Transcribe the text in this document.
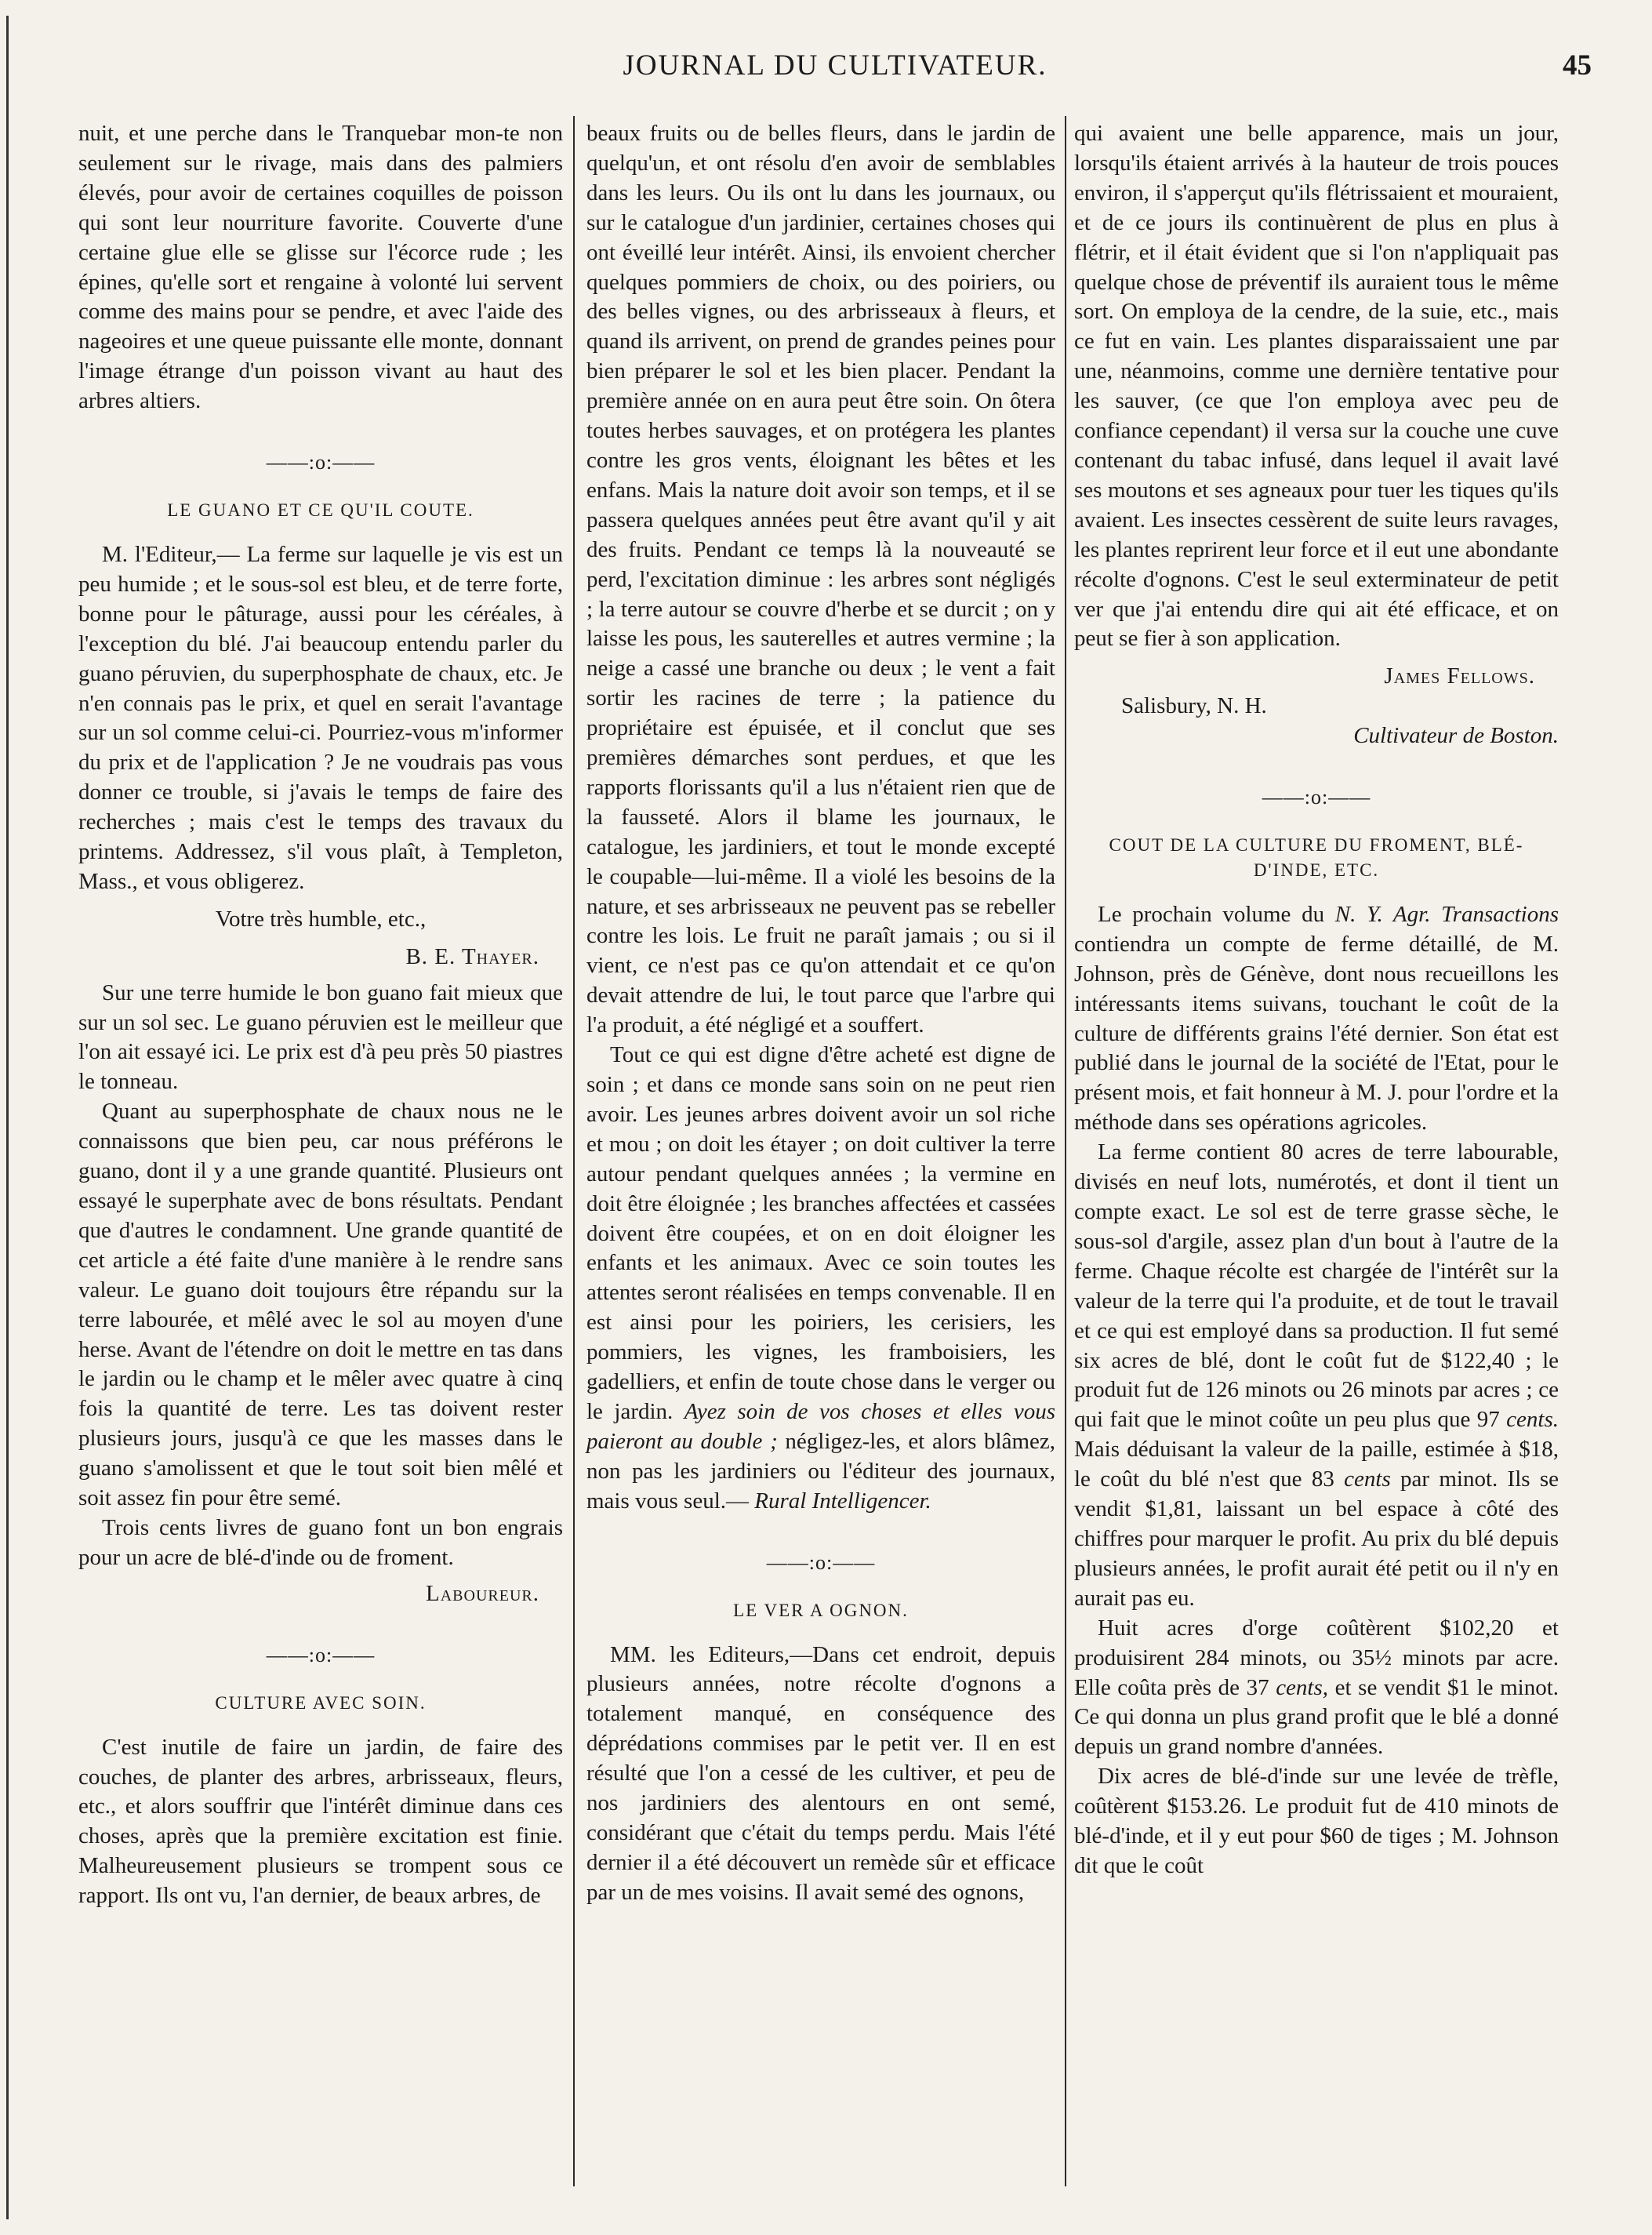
JOURNAL DU CULTIVATEUR.	45

nuit, et une perche dans le Tranquebar mon-te non seulement sur le rivage, mais dans des palmiers élevés, pour avoir de certaines coquilles de poisson qui sont leur nourriture favorite. Couverte d'une certaine glue elle se glisse sur l'écorce rude ; les épines, qu'elle sort et rengaine à volonté lui servent comme des mains pour se pendre, et avec l'aide des nageoires et une queue puissante elle monte, donnant l'image étrange d'un poisson vivant au haut des arbres altiers.

——:o:——
LE GUANO ET CE QU'IL COUTE.

M. l'Editeur,— La ferme sur laquelle je vis est un peu humide ; et le sous-sol est bleu, et de terre forte, bonne pour le pâturage, aussi pour les céréales, à l'exception du blé. J'ai beaucoup entendu parler du guano péruvien, du superphosphate de chaux, etc. Je n'en connais pas le prix, et quel en serait l'avantage sur un sol comme celui-ci. Pourriez-vous m'informer du prix et de l'application ? Je ne voudrais pas vous donner ce trouble, si j'avais le temps de faire des recherches ; mais c'est le temps des travaux du printems. Addressez, s'il vous plaît, à Templeton, Mass., et vous obligerez.

Votre très humble, etc.,
B. E. Thayer.

Sur une terre humide le bon guano fait mieux que sur un sol sec. Le guano péruvien est le meilleur que l'on ait essayé ici. Le prix est d'à peu près 50 piastres le tonneau.

Quant au superphosphate de chaux nous ne le connaissons que bien peu, car nous préférons le guano, dont il y a une grande quantité. Plusieurs ont essayé le superphate avec de bons résultats. Pendant que d'autres le condamnent. Une grande quantité de cet article a été faite d'une manière à le rendre sans valeur. Le guano doit toujours être répandu sur la terre labourée, et mêlé avec le sol au moyen d'une herse. Avant de l'étendre on doit le mettre en tas dans le jardin ou le champ et le mêler avec quatre à cinq fois la quantité de terre. Les tas doivent rester plusieurs jours, jusqu'à ce que les masses dans le guano s'amolissent et que le tout soit bien mêlé et soit assez fin pour être semé.

Trois cents livres de guano font un bon engrais pour un acre de blé-d'inde ou de froment.

Laboureur.
——:o:——
CULTURE AVEC SOIN.

C'est inutile de faire un jardin, de faire des couches, de planter des arbres, arbrisseaux, fleurs, etc., et alors souffrir que l'intérêt diminue dans ces choses, après que la première excitation est finie. Malheureusement plusieurs se trompent sous ce rapport. Ils ont vu, l'an dernier, de beaux arbres, de

beaux fruits ou de belles fleurs, dans le jardin de quelqu'un, et ont résolu d'en avoir de semblables dans les leurs. Ou ils ont lu dans les journaux, ou sur le catalogue d'un jardinier, certaines choses qui ont éveillé leur intérêt. Ainsi, ils envoient chercher quelques pommiers de choix, ou des poiriers, ou des belles vignes, ou des arbrisseaux à fleurs, et quand ils arrivent, on prend de grandes peines pour bien préparer le sol et les bien placer. Pendant la première année on en aura peut être soin. On ôtera toutes herbes sauvages, et on protégera les plantes contre les gros vents, éloignant les bêtes et les enfans. Mais la nature doit avoir son temps, et il se passera quelques années peut être avant qu'il y ait des fruits. Pendant ce temps là la nouveauté se perd, l'excitation diminue : les arbres sont négligés ; la terre autour se couvre d'herbe et se durcit ; on y laisse les pous, les sauterelles et autres vermine ; la neige a cassé une branche ou deux ; le vent a fait sortir les racines de terre ; la patience du propriétaire est épuisée, et il conclut que ses premières démarches sont perdues, et que les rapports florissants qu'il a lus n'étaient rien que de la fausseté. Alors il blame les journaux, le catalogue, les jardiniers, et tout le monde excepté le coupable—lui-même. Il a violé les besoins de la nature, et ses arbrisseaux ne peuvent pas se rebeller contre les lois. Le fruit ne paraît jamais ; ou si il vient, ce n'est pas ce qu'on attendait et ce qu'on devait attendre de lui, le tout parce que l'arbre qui l'a produit, a été négligé et a souffert.

Tout ce qui est digne d'être acheté est digne de soin ; et dans ce monde sans soin on ne peut rien avoir. Les jeunes arbres doivent avoir un sol riche et mou ; on doit les étayer ; on doit cultiver la terre autour pendant quelques années ; la vermine en doit être éloignée ; les branches affectées et cassées doivent être coupées, et on en doit éloigner les enfants et les animaux. Avec ce soin toutes les attentes seront réalisées en temps convenable. Il en est ainsi pour les poiriers, les cerisiers, les pommiers, les vignes, les framboisiers, les gadelliers, et enfin de toute chose dans le verger ou le jardin. Ayez soin de vos choses et elles vous paieront au double ; négligez-les, et alors blâmez, non pas les jardiniers ou l'éditeur des journaux, mais vous seul.— Rural Intelligencer.

——:o:——
LE VER A OGNON.

MM. les Editeurs,—Dans cet endroit, depuis plusieurs années, notre récolte d'ognons a totalement manqué, en conséquence des déprédations commises par le petit ver. Il en est résulté que l'on a cessé de les cultiver, et peu de nos jardiniers des alentours en ont semé, considérant que c'était du temps perdu. Mais l'été dernier il a été découvert un remède sûr et efficace par un de mes voisins. Il avait semé des ognons,

qui avaient une belle apparence, mais un jour, lorsqu'ils étaient arrivés à la hauteur de trois pouces environ, il s'apperçut qu'ils flétrissaient et mouraient, et de ce jours ils continuèrent de plus en plus à flétrir, et il était évident que si l'on n'appliquait pas quelque chose de préventif ils auraient tous le même sort. On employa de la cendre, de la suie, etc., mais ce fut en vain. Les plantes disparaissaient une par une, néanmoins, comme une dernière tentative pour les sauver, (ce que l'on employa avec peu de confiance cependant) il versa sur la couche une cuve contenant du tabac infusé, dans lequel il avait lavé ses moutons et ses agneaux pour tuer les tiques qu'ils avaient. Les insectes cessèrent de suite leurs ravages, les plantes reprirent leur force et il eut une abondante récolte d'ognons. C'est le seul exterminateur de petit ver que j'ai entendu dire qui ait été efficace, et on peut se fier à son application.

James Fellows.
Salisbury, N. H.
Cultivateur de Boston.
——:o:——
COUT DE LA CULTURE DU FROMENT, BLÉ-D'INDE, ETC.

Le prochain volume du N. Y. Agr. Transactions contiendra un compte de ferme détaillé, de M. Johnson, près de Génève, dont nous recueillons les intéressants items suivans, touchant le coût de la culture de différents grains l'été dernier. Son état est publié dans le journal de la société de l'Etat, pour le présent mois, et fait honneur à M. J. pour l'ordre et la méthode dans ses opérations agricoles.

La ferme contient 80 acres de terre labourable, divisés en neuf lots, numérotés, et dont il tient un compte exact. Le sol est de terre grasse sèche, le sous-sol d'argile, assez plan d'un bout à l'autre de la ferme. Chaque récolte est chargée de l'intérêt sur la valeur de la terre qui l'a produite, et de tout le travail et ce qui est employé dans sa production. Il fut semé six acres de blé, dont le coût fut de $122,40 ; le produit fut de 126 minots ou 26 minots par acres ; ce qui fait que le minot coûte un peu plus que 97 cents. Mais déduisant la valeur de la paille, estimée à $18, le coût du blé n'est que 83 cents par minot. Ils se vendit $1,81, laissant un bel espace à côté des chiffres pour marquer le profit. Au prix du blé depuis plusieurs années, le profit aurait été petit ou il n'y en aurait pas eu.

Huit acres d'orge coûtèrent $102,20 et produisirent 284 minots, ou 35½ minots par acre. Elle coûta près de 37 cents, et se vendit $1 le minot. Ce qui donna un plus grand profit que le blé a donné depuis un grand nombre d'années.

Dix acres de blé-d'inde sur une levée de trèfle, coûtèrent $153.26. Le produit fut de 410 minots de blé-d'inde, et il y eut pour $60 de tiges ; M. Johnson dit que le coût
